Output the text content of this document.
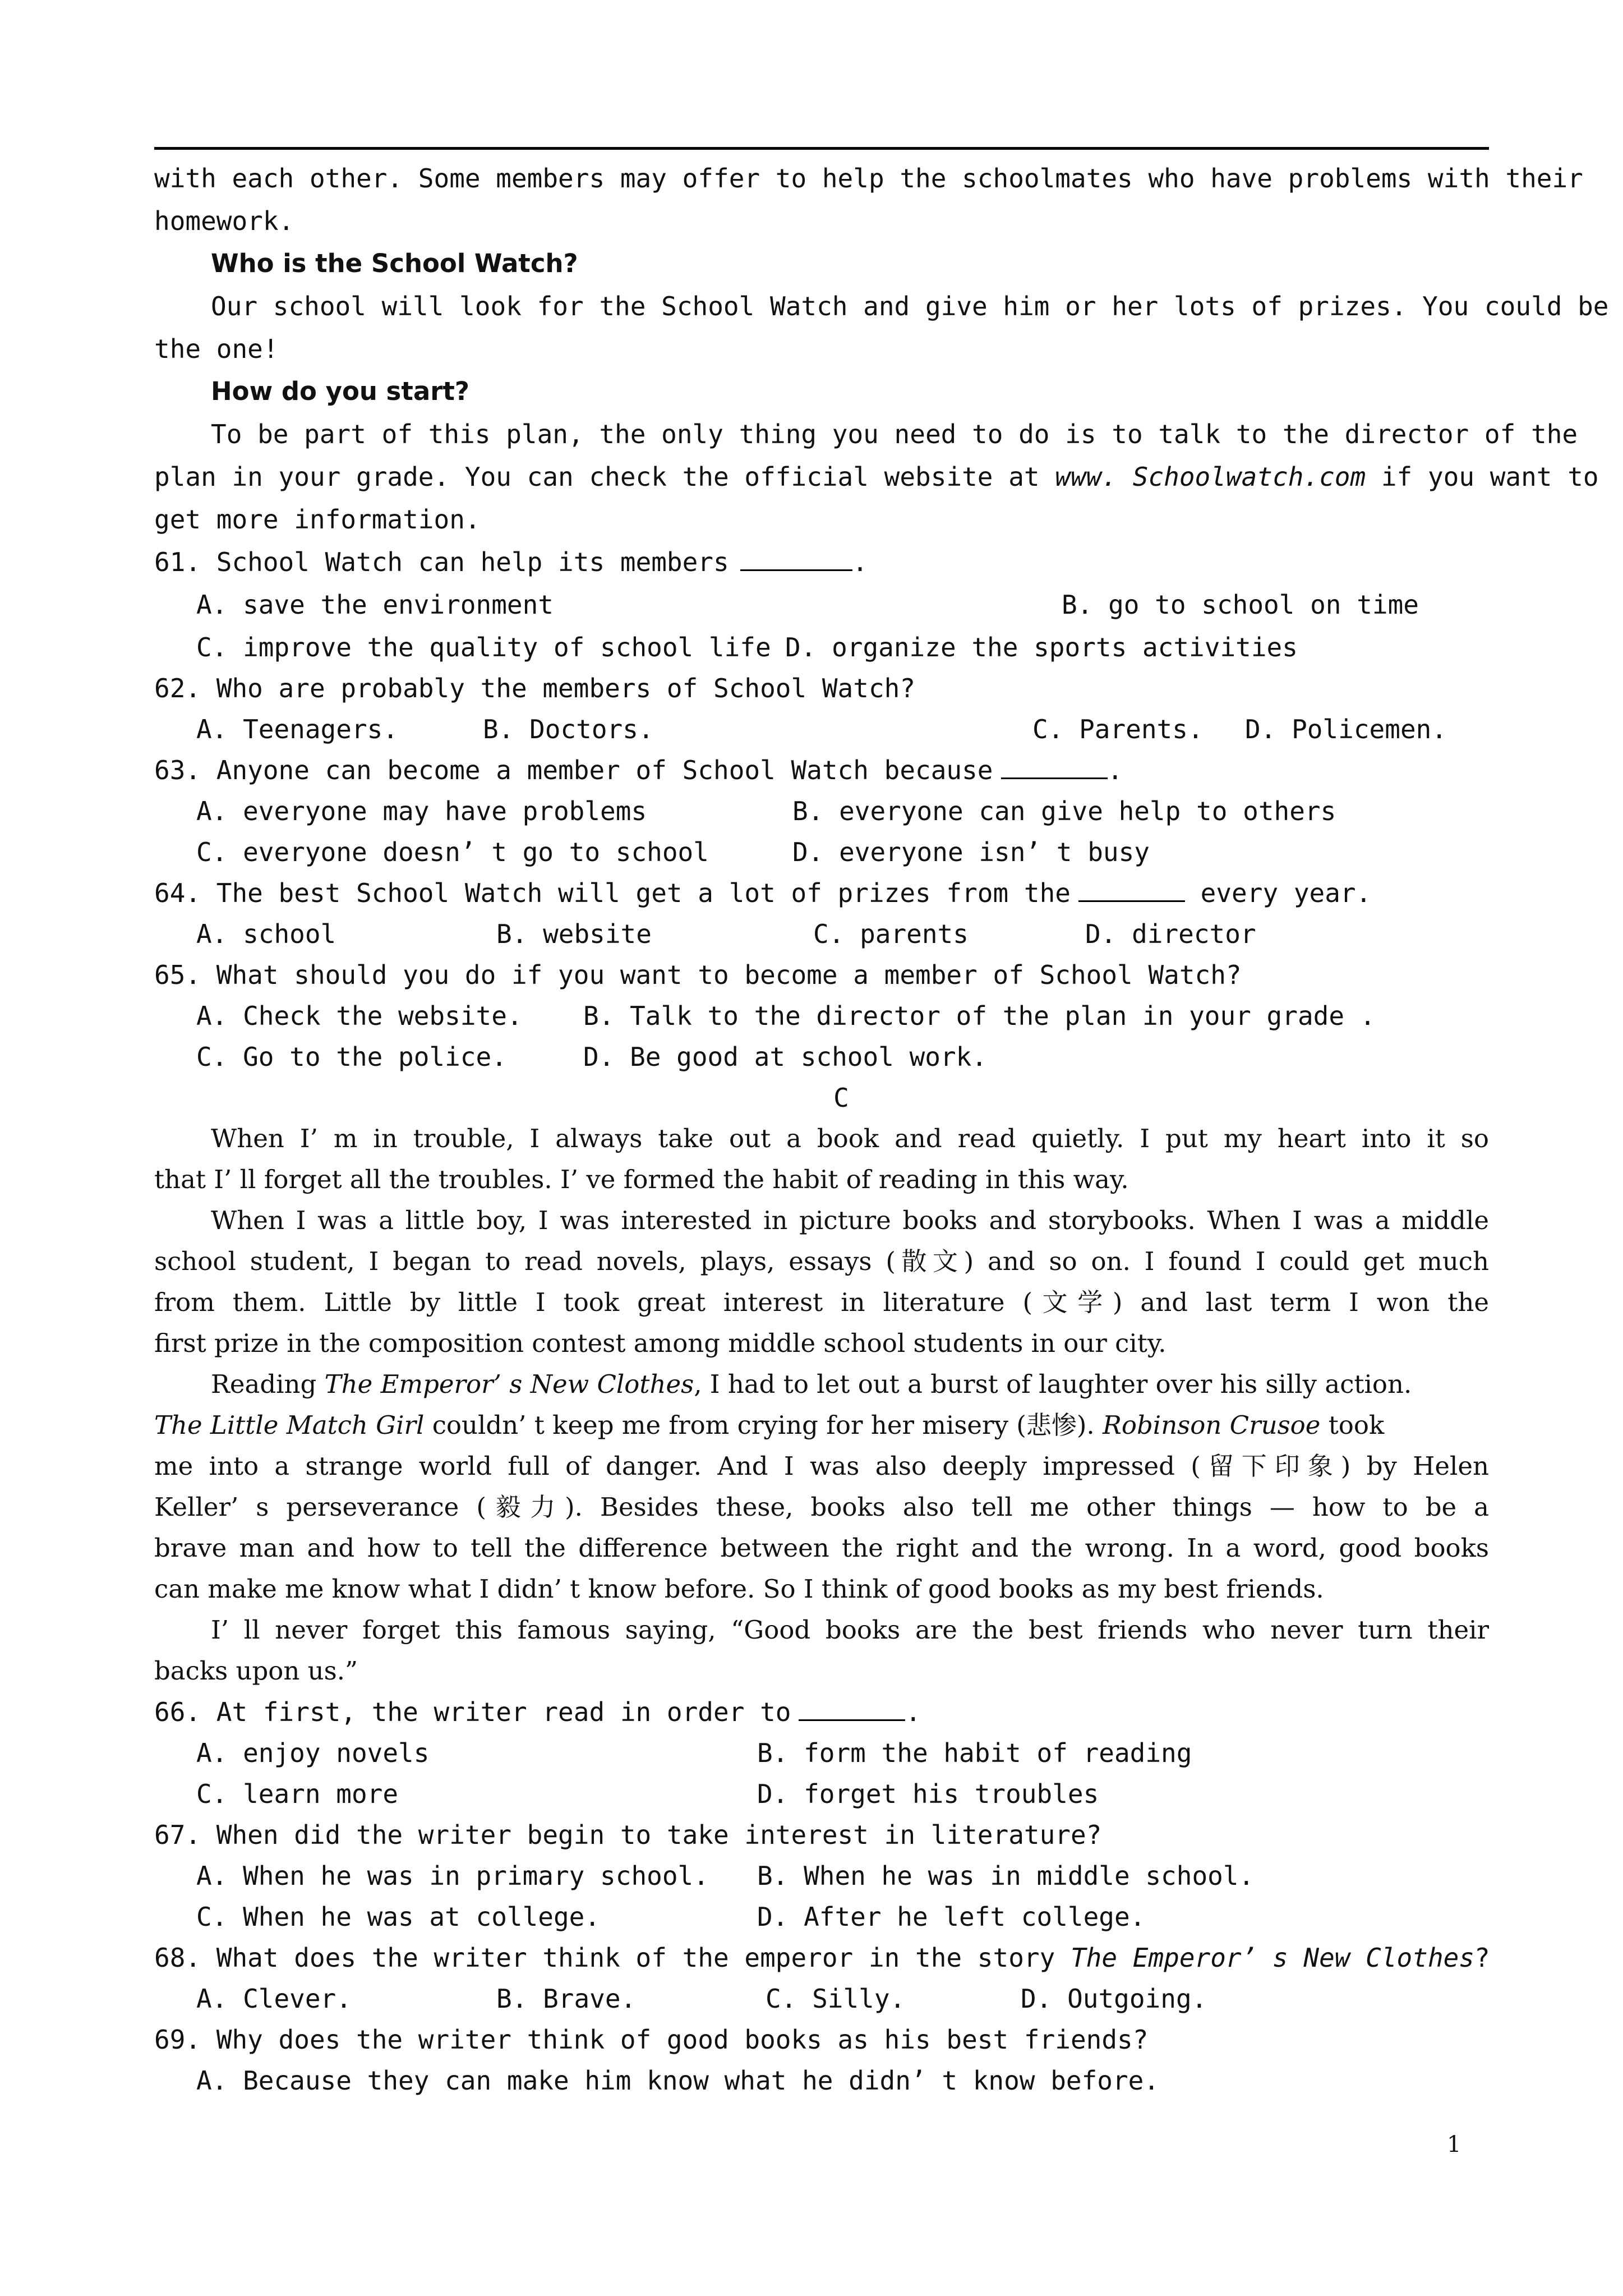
with each other. Some members may offer to help the schoolmates who have problems with their
homework.
Who is the School Watch?
Our school will look for the School Watch and give him or her lots of prizes. You could be
the one!
How do you start?
To be part of this plan, the only thing you need to do is to talk to the director of the
plan in your grade. You can check the official website at www. Schoolwatch.com if you want to
get more information.
61. School Watch can help its members	.
A. save the environment	B. go to school on time
C. improve the quality of school life D. organize the sports activities
62. Who are probably the members of School Watch?
A. Teenagers.	B. Doctors.	C. Parents. D. Policemen.
63. Anyone can become a member of School Watch because	.
A. everyone may have problems	B. everyone can give help to others
C. everyone doesn’ t go to school	D. everyone isn’ t busy
64. The best School Watch will get a lot of prizes from the	every year.
A. school	B. website	C. parents	D. director
65. What should you do if you want to become a member of School Watch?
A. Check the website. B. Talk to the director of the plan in your grade .
C. Go to the police.	D. Be good at school work.
C
When I’ m in trouble, I always take out a book and read quietly. I put my heart into it so
that I’ ll forget all the troubles. I’ ve formed the habit of reading in this way.
When I was a little boy, I was interested in picture books and storybooks. When I was a middle
school student, I began to read novels, plays, essays (散文) and so on. I found I could get much
from them. Little by little I took great interest in literature (文学) and last term I won the
first prize in the composition contest among middle school students in our city.
Reading The Emperor’ s New Clothes, I had to let out a burst of laughter over his silly action.
The Little Match Girl couldn’ t keep me from crying for her misery (悲惨). Robinson Crusoe took
me into a strange world full of danger. And I was also deeply impressed (留下印象) by Helen
Keller’ s perseverance (毅力). Besides these, books also tell me other things — how to be a
brave man and how to tell the difference between the right and the wrong. In a word, good books
can make me know what I didn’ t know before. So I think of good books as my best friends.
I’ ll never forget this famous saying, “Good books are the best friends who never turn their
backs upon us.”
66. At first, the writer read in order to	.
A. enjoy novels	B. form the habit of reading
C. learn more	D. forget his troubles
67. When did the writer begin to take interest in literature?
A. When he was in primary school. B. When he was in middle school.
C. When he was at college.	D. After he left college.
68. What does the writer think of the emperor in the story The Emperor’ s New Clothes?
A. Clever.	B. Brave.	C. Silly.	D. Outgoing.
69. Why does the writer think of good books as his best friends?
A. Because they can make him know what he didn’ t know before.
1
